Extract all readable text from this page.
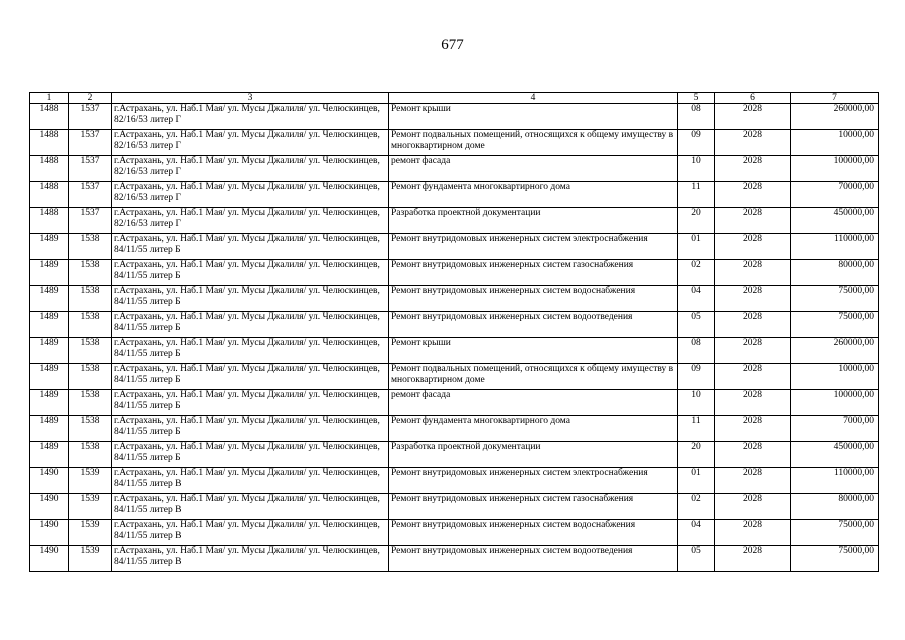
677
1	2	3	4	5	6	7
1488	1537	г.Астрахань, ул. Наб.1 Мая/ ул. Мусы Джалиля/ ул. Челюскинцев, 82/16/53 литер Г	Ремонт крыши	08	2028	260000,00
1488	1537	г.Астрахань, ул. Наб.1 Мая/ ул. Мусы Джалиля/ ул. Челюскинцев, 82/16/53 литер Г	Ремонт подвальных помещений, относящихся к общему имуществу в многоквартирном доме	09	2028	10000,00
1488	1537	г.Астрахань, ул. Наб.1 Мая/ ул. Мусы Джалиля/ ул. Челюскинцев, 82/16/53 литер Г	ремонт фасада	10	2028	100000,00
1488	1537	г.Астрахань, ул. Наб.1 Мая/ ул. Мусы Джалиля/ ул. Челюскинцев, 82/16/53 литер Г	Ремонт фундамента многоквартирного дома	11	2028	70000,00
1488	1537	г.Астрахань, ул. Наб.1 Мая/ ул. Мусы Джалиля/ ул. Челюскинцев, 82/16/53 литер Г	Разработка проектной документации	20	2028	450000,00
1489	1538	г.Астрахань, ул. Наб.1 Мая/ ул. Мусы Джалиля/ ул. Челюскинцев, 84/11/55 литер Б	Ремонт внутридомовых инженерных систем электроснабжения	01	2028	110000,00
1489	1538	г.Астрахань, ул. Наб.1 Мая/ ул. Мусы Джалиля/ ул. Челюскинцев, 84/11/55 литер Б	Ремонт внутридомовых инженерных систем газоснабжения	02	2028	80000,00
1489	1538	г.Астрахань, ул. Наб.1 Мая/ ул. Мусы Джалиля/ ул. Челюскинцев, 84/11/55 литер Б	Ремонт внутридомовых инженерных систем водоснабжения	04	2028	75000,00
1489	1538	г.Астрахань, ул. Наб.1 Мая/ ул. Мусы Джалиля/ ул. Челюскинцев, 84/11/55 литер Б	Ремонт внутридомовых инженерных систем водоотведения	05	2028	75000,00
1489	1538	г.Астрахань, ул. Наб.1 Мая/ ул. Мусы Джалиля/ ул. Челюскинцев, 84/11/55 литер Б	Ремонт крыши	08	2028	260000,00
1489	1538	г.Астрахань, ул. Наб.1 Мая/ ул. Мусы Джалиля/ ул. Челюскинцев, 84/11/55 литер Б	Ремонт подвальных помещений, относящихся к общему имуществу в многоквартирном доме	09	2028	10000,00
1489	1538	г.Астрахань, ул. Наб.1 Мая/ ул. Мусы Джалиля/ ул. Челюскинцев, 84/11/55 литер Б	ремонт фасада	10	2028	100000,00
1489	1538	г.Астрахань, ул. Наб.1 Мая/ ул. Мусы Джалиля/ ул. Челюскинцев, 84/11/55 литер Б	Ремонт фундамента многоквартирного дома	11	2028	7000,00
1489	1538	г.Астрахань, ул. Наб.1 Мая/ ул. Мусы Джалиля/ ул. Челюскинцев, 84/11/55 литер Б	Разработка проектной документации	20	2028	450000,00
1490	1539	г.Астрахань, ул. Наб.1 Мая/ ул. Мусы Джалиля/ ул. Челюскинцев, 84/11/55 литер В	Ремонт внутридомовых инженерных систем электроснабжения	01	2028	110000,00
1490	1539	г.Астрахань, ул. Наб.1 Мая/ ул. Мусы Джалиля/ ул. Челюскинцев, 84/11/55 литер В	Ремонт внутридомовых инженерных систем газоснабжения	02	2028	80000,00
1490	1539	г.Астрахань, ул. Наб.1 Мая/ ул. Мусы Джалиля/ ул. Челюскинцев, 84/11/55 литер В	Ремонт внутридомовых инженерных систем водоснабжения	04	2028	75000,00
1490	1539	г.Астрахань, ул. Наб.1 Мая/ ул. Мусы Джалиля/ ул. Челюскинцев, 84/11/55 литер В	Ремонт внутридомовых инженерных систем водоотведения	05	2028	75000,00
